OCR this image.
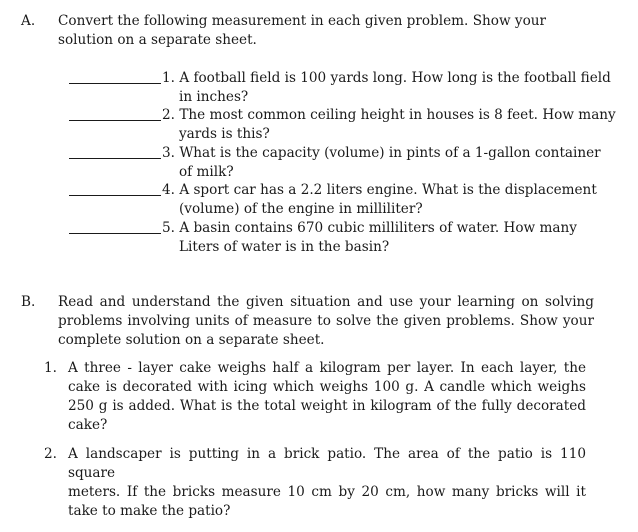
A. Convert the following measurement in each given problem. Show your
solution on a separate sheet.
1. A football field is 100 yards long. How long is the football field
in inches?
2. The most common ceiling height in houses is 8 feet. How many
yards is this?
3. What is the capacity (volume) in pints of a 1-gallon container
of milk?
4. A sport car has a 2.2 liters engine. What is the displacement
(volume) of the engine in milliliter?
5. A basin contains 670 cubic milliliters of water. How many
Liters of water is in the basin?
B. Read and understand the given situation and use your learning on solving
problems involving units of measure to solve the given problems. Show your
complete solution on a separate sheet.
1. A three - layer cake weighs half a kilogram per layer. In each layer, the
cake is decorated with icing which weighs 100 g. A candle which weighs
250 g is added. What is the total weight in kilogram of the fully decorated
cake?
2. A landscaper is putting in a brick patio. The area of the patio is 110 square
meters. If the bricks measure 10 cm by 20 cm, how many bricks will it
take to make the patio?
